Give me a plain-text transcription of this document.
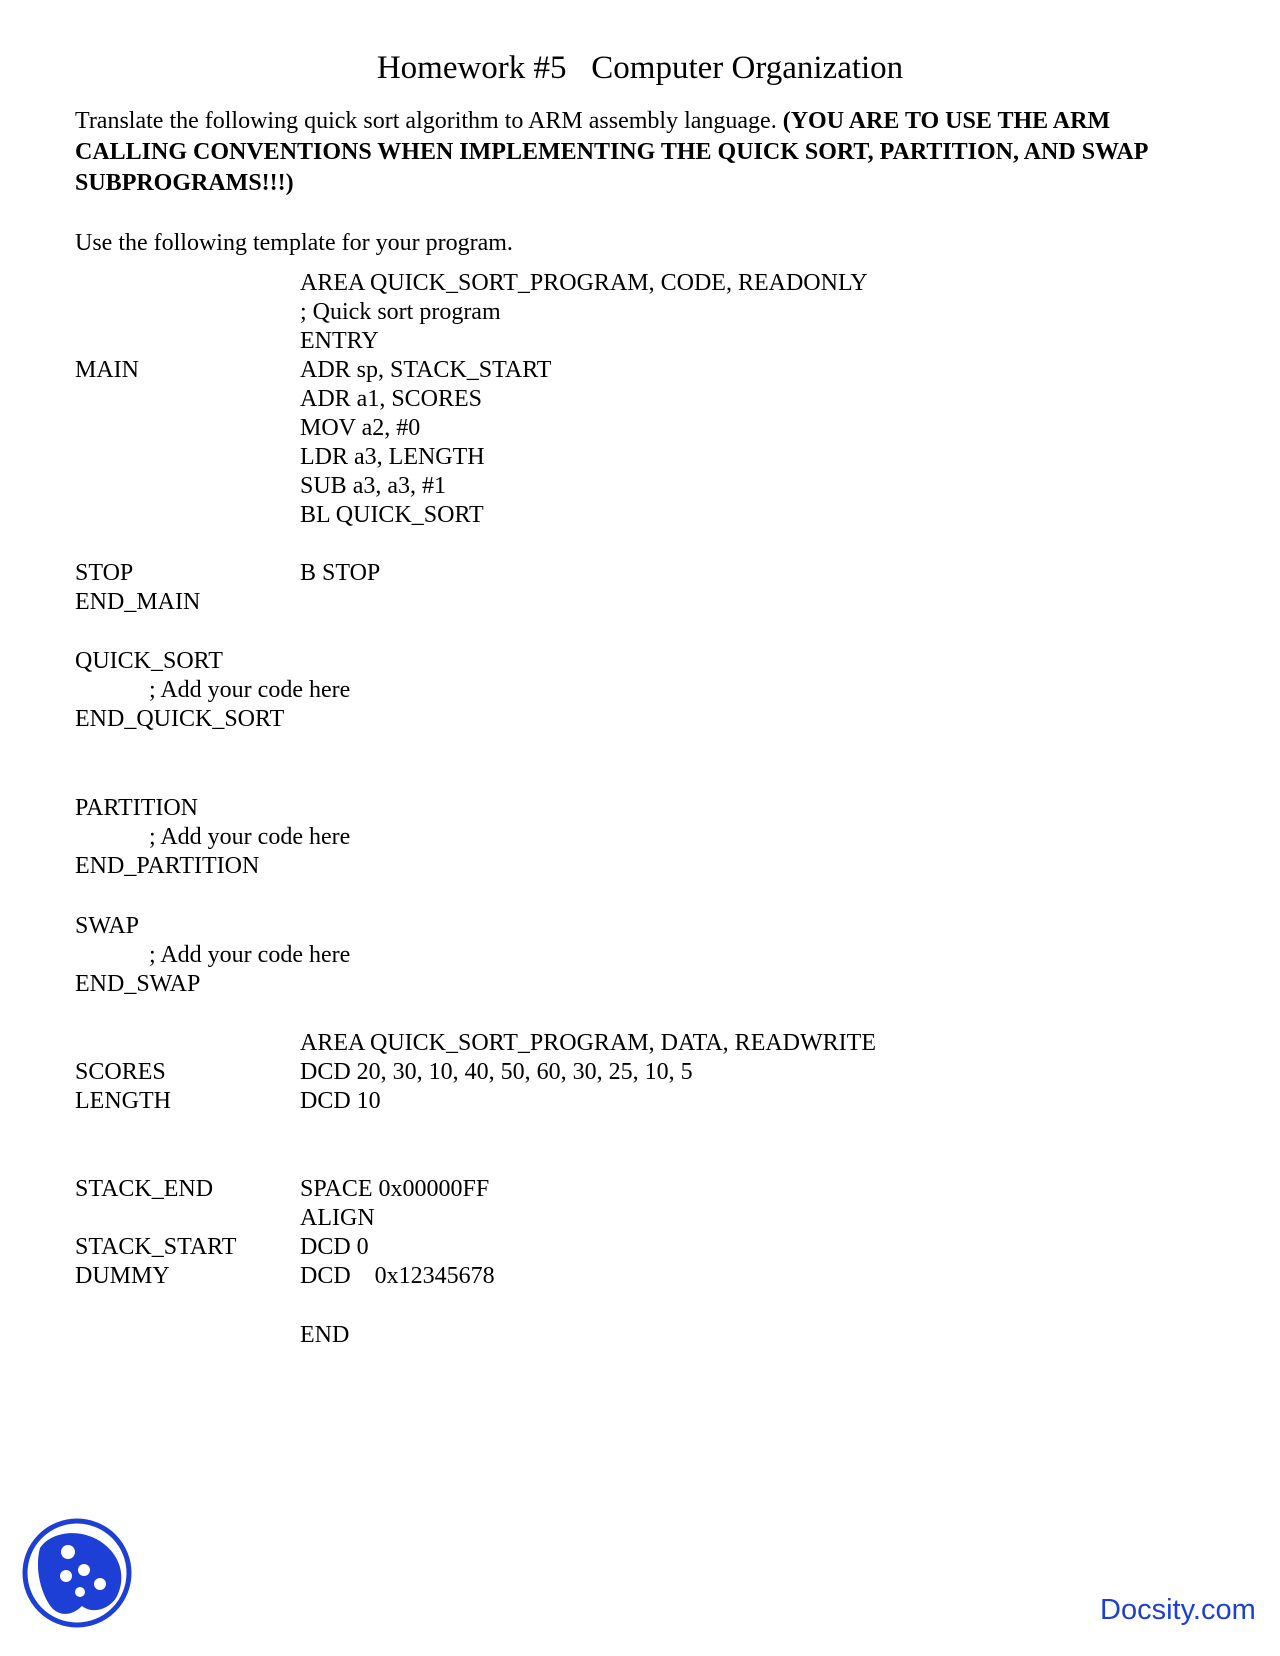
Homework #5   Computer Organization
Translate the following quick sort algorithm to ARM assembly language. (YOU ARE TO USE THE ARM CALLING CONVENTIONS WHEN IMPLEMENTING THE QUICK SORT, PARTITION, AND SWAP SUBPROGRAMS!!!)
Use the following template for your program.
AREA QUICK_SORT_PROGRAM, CODE, READONLY
; Quick sort program
ENTRY
MAIN	ADR sp, STACK_START
ADR a1, SCORES
MOV a2, #0
LDR a3, LENGTH
SUB a3, a3, #1
BL QUICK_SORT
STOP	B STOP
END_MAIN
QUICK_SORT
; Add your code here
END_QUICK_SORT
PARTITION
; Add your code here
END_PARTITION
SWAP
; Add your code here
END_SWAP
AREA QUICK_SORT_PROGRAM, DATA, READWRITE
SCORES	DCD 20, 30, 10, 40, 50, 60, 30, 25, 10, 5
LENGTH	DCD 10
STACK_END	SPACE 0x00000FF
ALIGN
STACK_START	DCD 0
DUMMY	DCD    0x12345678
END
Docsity.com
